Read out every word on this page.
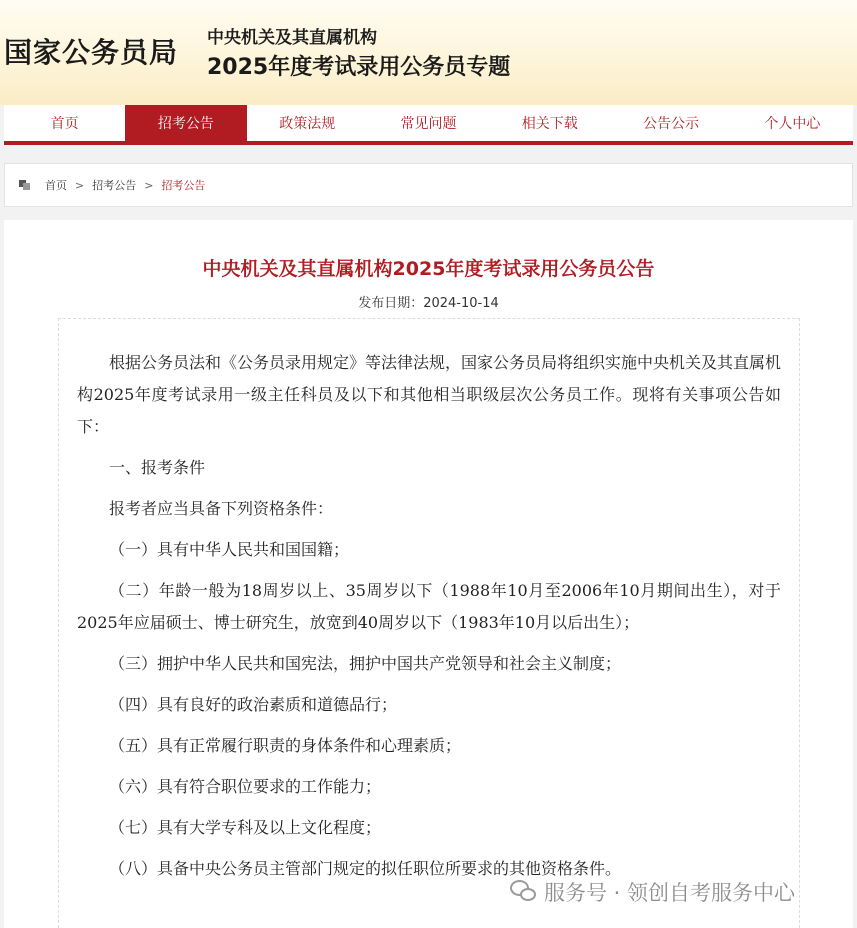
国家公务员局 中央机关及其直属机构
2025年度考试录用公务员专题
首页	招考公告	政策法规	常见问题	相关下载	公告公示	个人中心
首页 > 招考公告 > 招考公告
中央机关及其直属机构2025年度考试录用公务员公告
发布日期：2024-10-14

根据公务员法和《公务员录用规定》等法律法规，国家公务员局将组织实施中央机关及其直属机构2025年度考试录用一级主任科员及以下和其他相当职级层次公务员工作。现将有关事项公告如下：

一、报考条件

报考者应当具备下列资格条件：

（一）具有中华人民共和国国籍；

（二）年龄一般为18周岁以上、35周岁以下（1988年10月至2006年10月期间出生），对于2025年应届硕士、博士研究生，放宽到40周岁以下（1983年10月以后出生）；

（三）拥护中华人民共和国宪法，拥护中国共产党领导和社会主义制度；

（四）具有良好的政治素质和道德品行；

（五）具有正常履行职责的身体条件和心理素质；

（六）具有符合职位要求的工作能力；

（七）具有大学专科及以上文化程度；

（八）具备中央公务员主管部门规定的拟任职位所要求的其他资格条件。

服务号 · 领创自考服务中心
